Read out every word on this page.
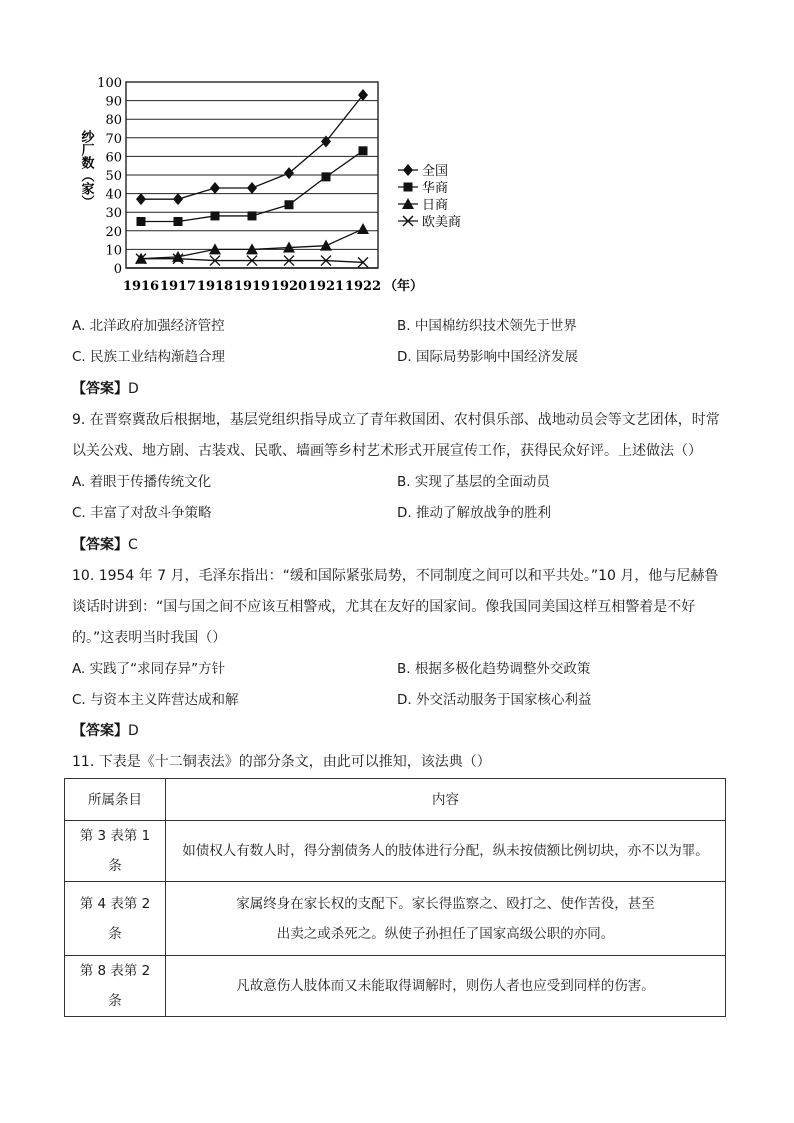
0
10
20
30
40
50
60
70
80
90
100
1916 1917 1918 1919 1920 1921 1922
全国
华商
日商
欧美商
纱厂数（家）
（年）
A. 北洋政府加强经济管控	B. 中国棉纺织技术领先于世界
C. 民族工业结构渐趋合理	D. 国际局势影响中国经济发展
【答案】D
9. 在晋察冀敌后根据地，基层党组织指导成立了青年救国团、农村俱乐部、战地动员会等文艺团体，时常
以关公戏、地方剧、古装戏、民歌、墙画等乡村艺术形式开展宣传工作，获得民众好评。上述做法（）
A. 着眼于传播传统文化	B. 实现了基层的全面动员
C. 丰富了对敌斗争策略	D. 推动了解放战争的胜利
【答案】C
10. 1954 年 7 月，毛泽东指出：“缓和国际紧张局势，不同制度之间可以和平共处。”10 月，他与尼赫鲁
谈话时讲到：“国与国之间不应该互相警戒，尤其在友好的国家间。像我国同美国这样互相警着是不好
的。”这表明当时我国（）
A. 实践了“求同存异”方针	B. 根据多极化趋势调整外交政策
C. 与资本主义阵营达成和解	D. 外交活动服务于国家核心利益
【答案】D
11. 下表是《十二铜表法》的部分条文，由此可以推知，该法典（）
所属条目	内容
第 3 表第 1 条	如债权人有数人时，得分割债务人的肢体进行分配，纵未按债额比例切块，亦不以为罪。
第 4 表第 2 条	家属终身在家长权的支配下。家长得监察之、殴打之、使作苦役，甚至
出卖之或杀死之。纵使子孙担任了国家高级公职的亦同。

第 8 表第 2 条	凡故意伤人肢体而又未能取得调解时，则伤人者也应受到同样的伤害。
